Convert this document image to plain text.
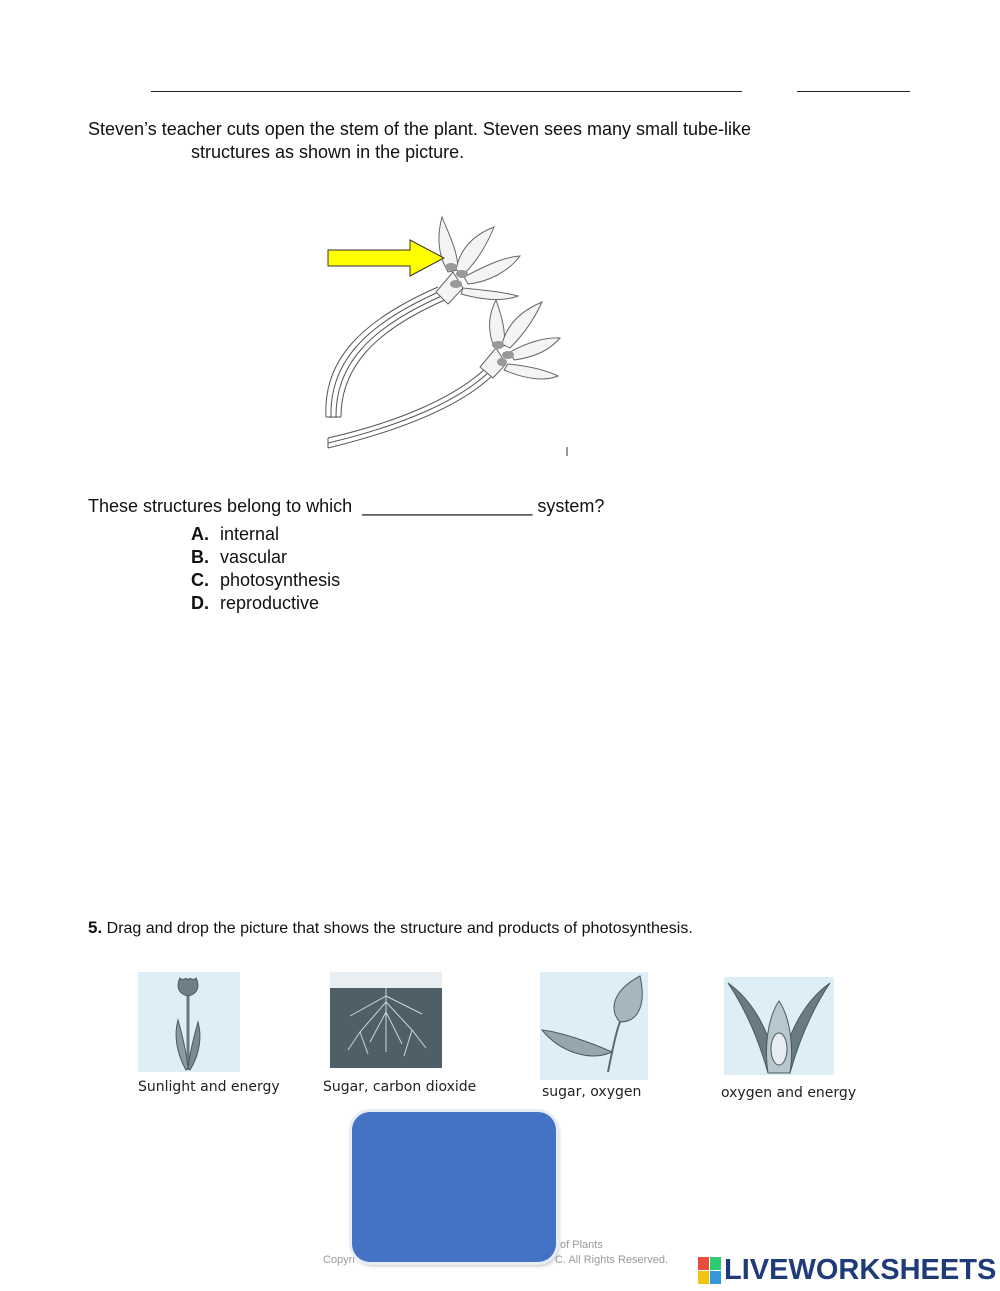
Steven’s teacher cuts open the stem of the plant. Steven sees many small tube-like
structures as shown in the picture.
These structures belong to which _________________ system?
A. internal
B. vascular
C. photosynthesis
D. reproductive
5. Drag and drop the picture that shows the structure and products of photosynthesis.
Sunlight and energy	Sugar, carbon dioxide	sugar, oxygen	oxygen and energy
of Plants
Copyri	C. All Rights Reserved. LIVEWORKSHEETS
